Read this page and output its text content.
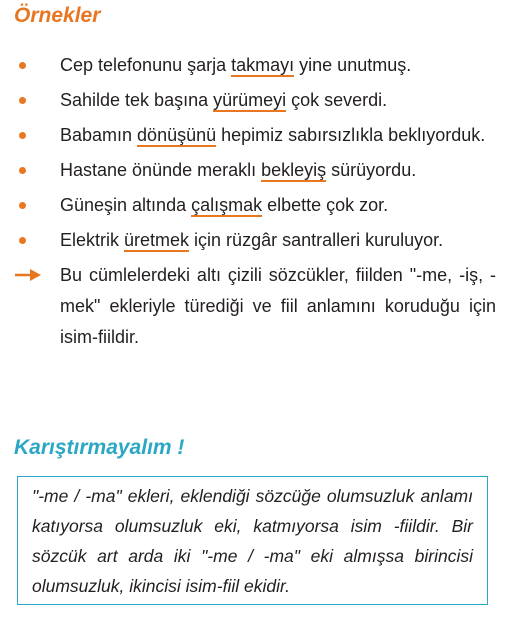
Örnekler
Cep telefonunu şarja takmayı yine unutmuş.
Sahilde tek başına yürümeyi çok severdi.
Babamın dönüşünü hepimiz sabırsızlıkla beklıyorduk.
Hastane önünde meraklı bekleyiş sürüyordu.
Güneşin altında çalışmak elbette çok zor.
Elektrik üretmek için rüzgâr santralleri kuruluyor.
Bu cümlelerdeki altı çizili sözcükler, fiilden "-me, -iş, - mek" ekleriyle türediği ve fiil anlamını koruduğu için isim-fiildir.
Karıştırmayalım !

"-me / -ma" ekleri, eklendiği sözcüğe olumsuzluk anlamı katıyorsa olumsuzluk eki, katmıyorsa isim -fiildir. Bir sözcük art arda iki "-me / -ma" eki almışsa birincisi olumsuzluk, ikincisi isim-fiil ekidir.
